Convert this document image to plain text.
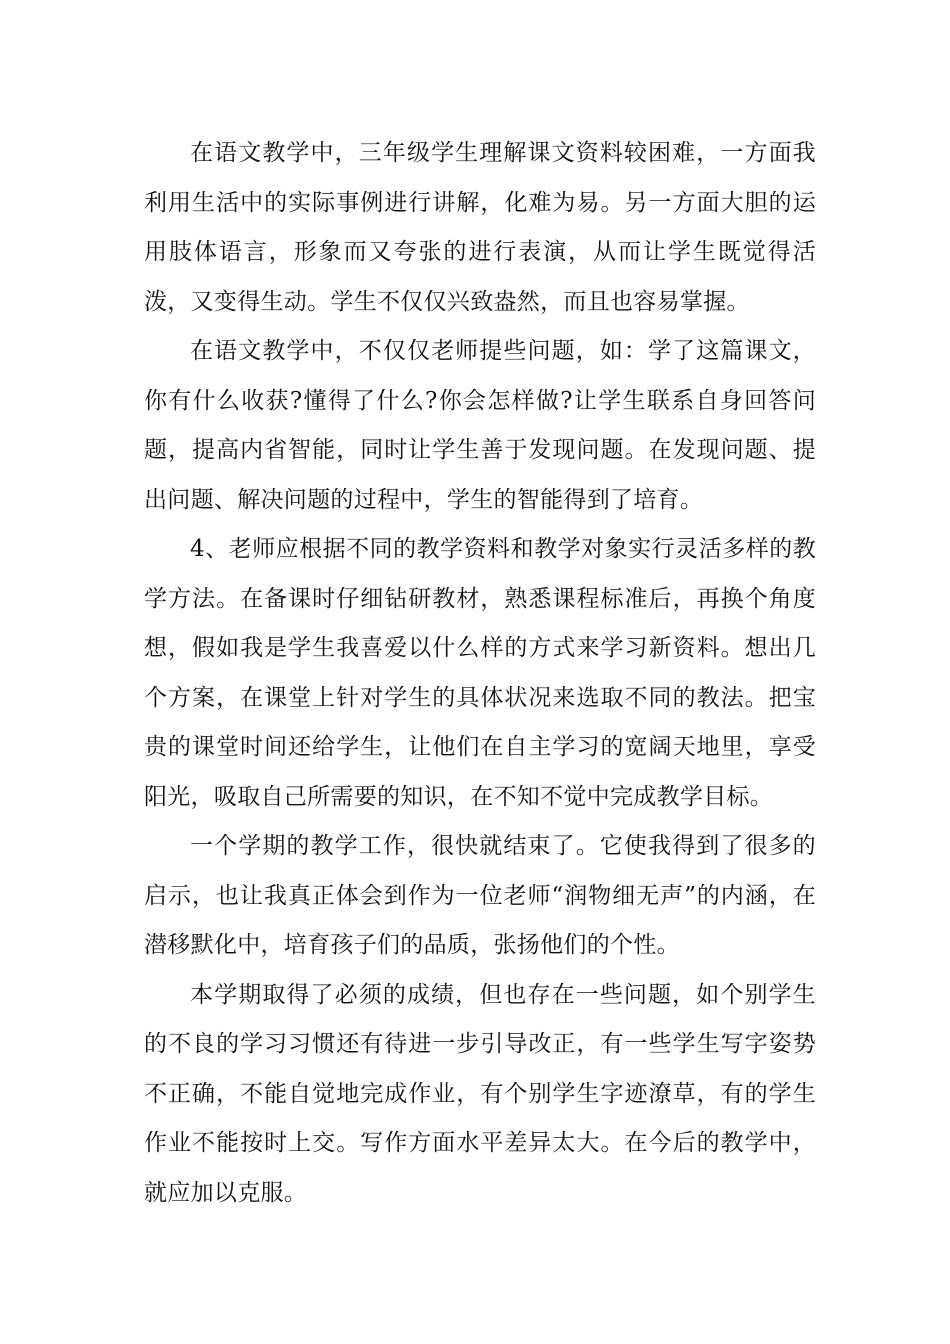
在语文教学中，三年级学生理解课文资料较困难，一方面我利用生活中的实际事例进行讲解，化难为易。另一方面大胆的运用肢体语言，形象而又夸张的进行表演，从而让学生既觉得活泼，又变得生动。学生不仅仅兴致盎然，而且也容易掌握。

在语文教学中，不仅仅老师提些问题，如：学了这篇课文，你有什么收获?懂得了什么?你会怎样做?让学生联系自身回答问题，提高内省智能，同时让学生善于发现问题。在发现问题、提出问题、解决问题的过程中，学生的智能得到了培育。

4、老师应根据不同的教学资料和教学对象实行灵活多样的教学方法。在备课时仔细钻研教材，熟悉课程标准后，再换个角度想，假如我是学生我喜爱以什么样的方式来学习新资料。想出几个方案，在课堂上针对学生的具体状况来选取不同的教法。把宝贵的课堂时间还给学生，让他们在自主学习的宽阔天地里，享受阳光，吸取自己所需要的知识，在不知不觉中完成教学目标。

一个学期的教学工作，很快就结束了。它使我得到了很多的启示，也让我真正体会到作为一位老师“润物细无声”的内涵，在潜移默化中，培育孩子们的品质，张扬他们的个性。

本学期取得了必须的成绩，但也存在一些问题，如个别学生的不良的学习习惯还有待进一步引导改正，有一些学生写字姿势不正确，不能自觉地完成作业，有个别学生字迹潦草，有的学生作业不能按时上交。写作方面水平差异太大。在今后的教学中，就应加以克服。
